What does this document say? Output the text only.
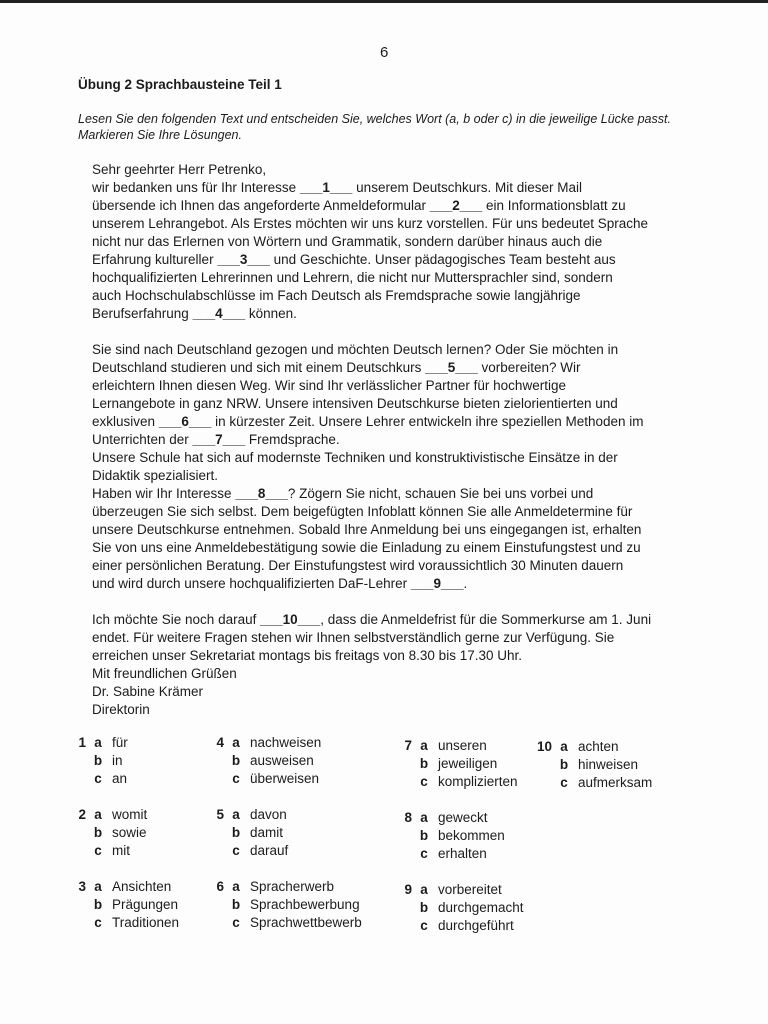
6
Übung 2 Sprachbausteine Teil 1
Lesen Sie den folgenden Text und entscheiden Sie, welches Wort (a, b oder c) in die jeweilige Lücke passt. Markieren Sie Ihre Lösungen.

Sehr geehrter Herr Petrenko,

wir bedanken uns für Ihr Interesse ___1___ unserem Deutschkurs. Mit dieser Mail

übersende ich Ihnen das angeforderte Anmeldeformular ___2___ ein Informationsblatt zu

unserem Lehrangebot. Als Erstes möchten wir uns kurz vorstellen. Für uns bedeutet Sprache

nicht nur das Erlernen von Wörtern und Grammatik, sondern darüber hinaus auch die

Erfahrung kultureller ___3___ und Geschichte. Unser pädagogisches Team besteht aus

hochqualifizierten Lehrerinnen und Lehrern, die nicht nur Muttersprachler sind, sondern

auch Hochschulabschlüsse im Fach Deutsch als Fremdsprache sowie langjährige

Berufserfahrung ___4___ können.

Sie sind nach Deutschland gezogen und möchten Deutsch lernen? Oder Sie möchten in

Deutschland studieren und sich mit einem Deutschkurs ___5___ vorbereiten? Wir

erleichtern Ihnen diesen Weg. Wir sind Ihr verlässlicher Partner für hochwertige

Lernangebote in ganz NRW. Unsere intensiven Deutschkurse bieten zielorientierten und

exklusiven ___6___ in kürzester Zeit. Unsere Lehrer entwickeln ihre speziellen Methoden im

Unterrichten der ___7___ Fremdsprache.

Unsere Schule hat sich auf modernste Techniken und konstruktivistische Einsätze in der

Didaktik spezialisiert.

Haben wir Ihr Interesse ___8___? Zögern Sie nicht, schauen Sie bei uns vorbei und

überzeugen Sie sich selbst. Dem beigefügten Infoblatt können Sie alle Anmeldetermine für

unsere Deutschkurse entnehmen. Sobald Ihre Anmeldung bei uns eingegangen ist, erhalten

Sie von uns eine Anmeldebestätigung sowie die Einladung zu einem Einstufungstest und zu

einer persönlichen Beratung. Der Einstufungstest wird voraussichtlich 30 Minuten dauern

und wird durch unsere hochqualifizierten DaF-Lehrer ___9___.

Ich möchte Sie noch darauf ___10___, dass die Anmeldefrist für die Sommerkurse am 1. Juni

endet. Für weitere Fragen stehen wir Ihnen selbstverständlich gerne zur Verfügung. Sie

erreichen unser Sekretariat montags bis freitags von 8.30 bis 17.30 Uhr.

Mit freundlichen Grüßen

Dr. Sabine Krämer

Direktorin

1 a für
b in
c an
2 a womit
b sowie
c mit
3 a Ansichten
b Prägungen
c Traditionen
4 a nachweisen
b ausweisen
c überweisen
5 a davon
b damit
c darauf
6 a Spracherwerb
b Sprachbewerbung
c Sprachwettbewerb
7 a unseren
b jeweiligen
c komplizierten
8 a geweckt
b bekommen
c erhalten
9 a vorbereitet
b durchgemacht
c durchgeführt
10 a achten
b hinweisen
c aufmerksam
